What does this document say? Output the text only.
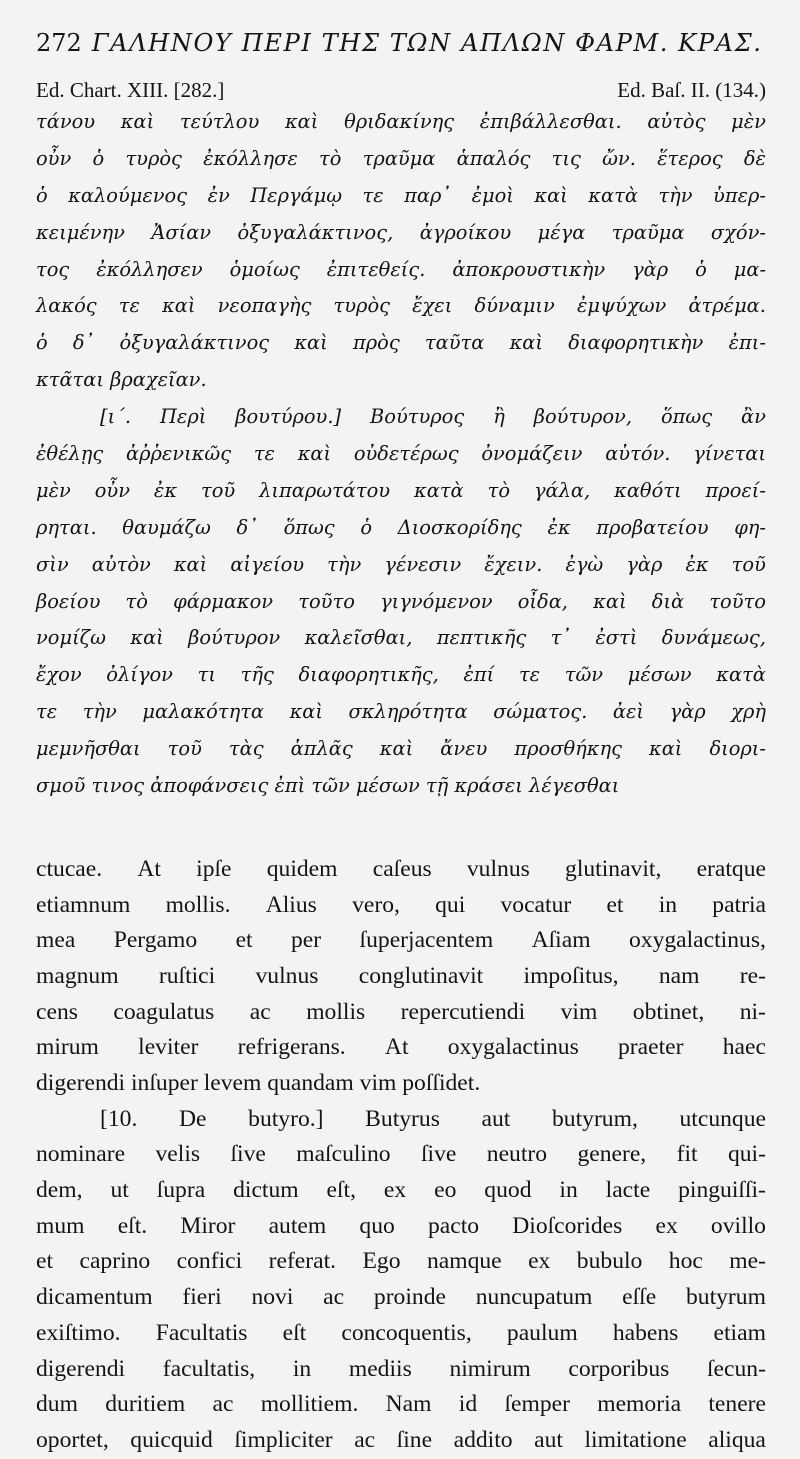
272 ΓΑΛΗΝΟΥ ΠΕΡΙ ΤΗΣ ΤΩΝ ΑΠΛΩΝ ΦΑΡΜ. ΚΡΑΣ.
Ed. Chart. XIII. [282.]	Ed. Baſ. II. (134.)
τάνου καὶ τεύτλου καὶ θριδακίνης ἐπιβάλλεσθαι. αὐτὸς μὲν
οὖν ὁ τυρὸς ἐκόλλησε τὸ τραῦμα ἁπαλός τις ὤν. ἕτερος δὲ
ὁ καλούμενος ἐν Περγάμῳ τε παρ᾽ ἐμοὶ καὶ κατὰ τὴν ὑπερ-
κειμένην Ἀσίαν ὀξυγαλάκτινος, ἀγροίκου μέγα τραῦμα σχόν-
τος ἐκόλλησεν ὁμοίως ἐπιτεθείς. ἀποκρουστικὴν γὰρ ὁ μα-
λακός τε καὶ νεοπαγὴς τυρὸς ἔχει δύναμιν ἐμψύχων ἀτρέμα.
ὁ δ᾽ ὀξυγαλάκτινος καὶ πρὸς ταῦτα καὶ διαφορητικὴν ἐπι-
κτᾶται βραχεῖαν.
[ι΄. Περὶ βουτύρου.] Βούτυρος ἢ βούτυρον, ὅπως ἂν
ἐθέλῃς ἀῤῥενικῶς τε καὶ οὐδετέρως ὀνομάζειν αὐτόν. γίνεται
μὲν οὖν ἐκ τοῦ λιπαρωτάτου κατὰ τὸ γάλα, καθότι προεί-
ρηται. θαυμάζω δ᾽ ὅπως ὁ Διοσκορίδης ἐκ προβατείου φη-
σὶν αὐτὸν καὶ αἰγείου τὴν γένεσιν ἔχειν. ἐγὼ γὰρ ἐκ τοῦ
βοείου τὸ φάρμακον τοῦτο γιγνόμενον οἶδα, καὶ διὰ τοῦτο
νομίζω καὶ βούτυρον καλεῖσθαι, πεπτικῆς τ᾽ ἐστὶ δυνάμεως,
ἔχον ὀλίγον τι τῆς διαφορητικῆς, ἐπί τε τῶν μέσων κατὰ
τε τὴν μαλακότητα καὶ σκληρότητα σώματος. ἀεὶ γὰρ χρὴ
μεμνῆσθαι τοῦ τὰς ἁπλᾶς καὶ ἄνευ προσθήκης καὶ διορι-
σμοῦ τινος ἀποφάνσεις ἐπὶ τῶν μέσων τῇ κράσει λέγεσθαι
ctucae. At ipſe quidem caſeus vulnus glutinavit, eratque
etiamnum mollis. Alius vero, qui vocatur et in patria
mea Pergamo et per ſuperjacentem Aſiam oxygalactinus,
magnum ruſtici vulnus conglutinavit impoſitus, nam re-
cens coagulatus ac mollis repercutiendi vim obtinet, ni-
mirum leviter refrigerans. At oxygalactinus praeter haec
digerendi inſuper levem quandam vim poſſidet.
[10. De butyro.] Butyrus aut butyrum, utcunque
nominare velis ſive maſculino ſive neutro genere, fit qui-
dem, ut ſupra dictum eſt, ex eo quod in lacte pinguiſſi-
mum eſt. Miror autem quo pacto Dioſcorides ex ovillo
et caprino confici referat. Ego namque ex bubulo hoc me-
dicamentum fieri novi ac proinde nuncupatum eſſe butyrum
exiſtimo. Facultatis eſt concoquentis, paulum habens etiam
digerendi facultatis, in mediis nimirum corporibus ſecun-
dum duritiem ac mollitiem. Nam id ſemper memoria tenere
oportet, quicquid ſimpliciter ac ſine addito aut limitatione aliqua
